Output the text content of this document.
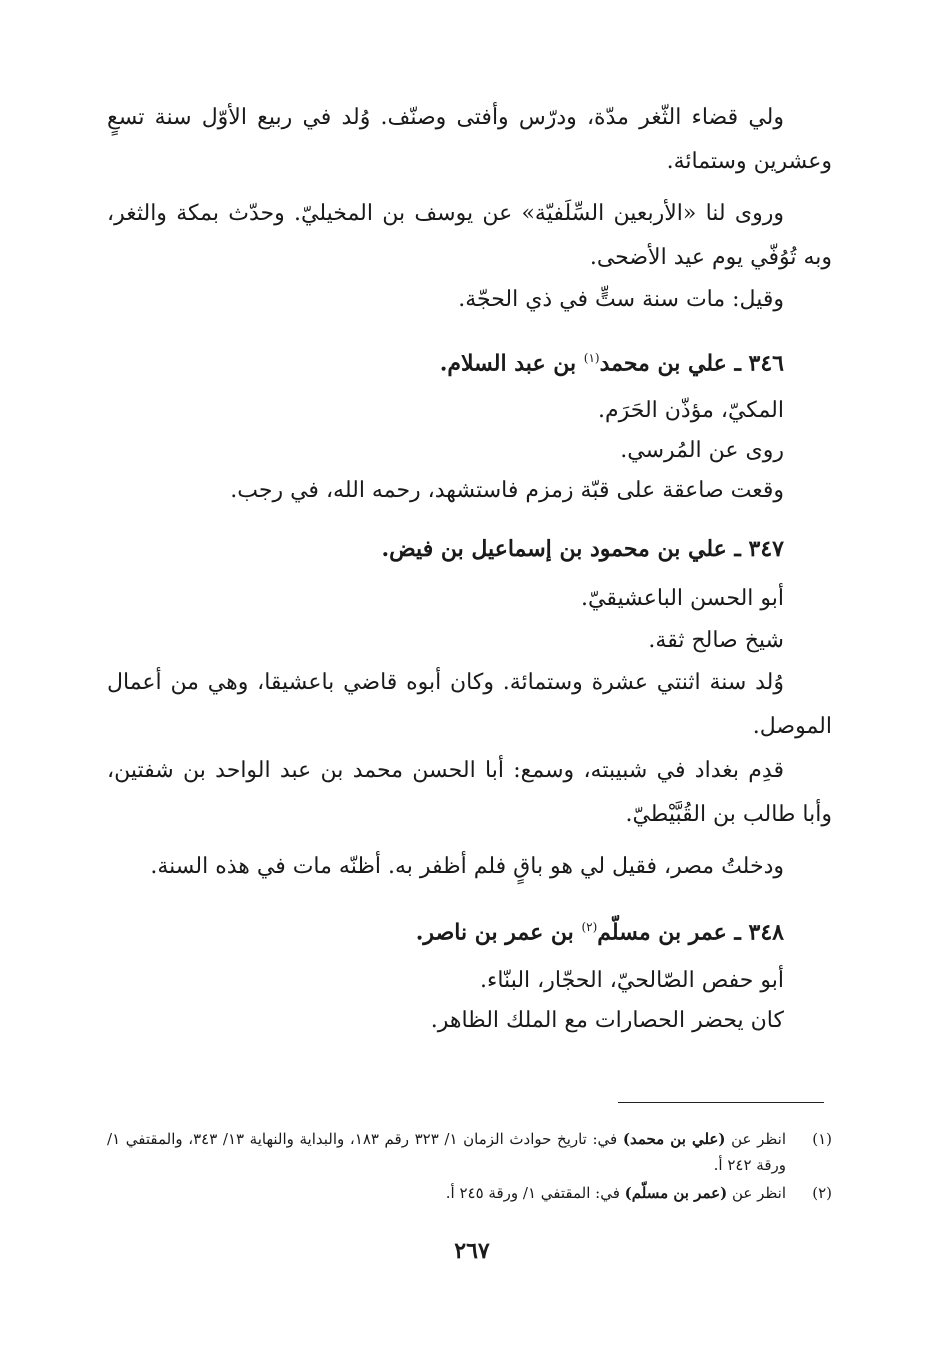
ولي قضاء الثّغر مدّة، ودرّس وأفتى وصنّف. وُلد في ربيع الأوّل سنة تسعٍ وعشرين وستمائة.

وروى لنا «الأربعين السِّلَفيّة» عن يوسف بن المخيليّ. وحدّث بمكة والثغر، وبه تُوُفّي يوم عيد الأضحى.

وقيل: مات سنة ستٍّ في ذي الحجّة.

٣٤٦ ـ علي بن محمد$^{(١)}$ بن عبد السلام.

المكيّ، مؤذّن الحَرَم.

روى عن المُرسي.

وقعت صاعقة على قبّة زمزم فاستشهد، رحمه الله، في رجب.

٣٤٧ ـ علي بن محمود بن إسماعيل بن فيض.

أبو الحسن الباعشيقيّ.

شيخ صالح ثقة.

وُلد سنة اثنتي عشرة وستمائة. وكان أبوه قاضي باعشيقا، وهي من أعمال الموصل.

قدِم بغداد في شبيبته، وسمع: أبا الحسن محمد بن عبد الواحد بن شفتين، وأبا طالب بن القُبَّيْطيّ.

ودخلتُ مصر، فقيل لي هو باقٍ فلم أظفر به. أظنّه مات في هذه السنة.

٣٤٨ ـ عمر بن مسلّم$^{(٢)}$ بن عمر بن ناصر.

أبو حفص الصّالحيّ، الحجّار، البنّاء.

كان يحضر الحصارات مع الملك الظاهر.

(١)
انظر عن (علي بن محمد) في: تاريخ حوادث الزمان ١/ ٣٢٣ رقم ١٨٣، والبداية والنهاية ١٣/ ٣٤٣، والمقتفي ١/ ورقة ٢٤٢ أ.
(٢)
انظر عن (عمر بن مسلّم) في: المقتفي ١/ ورقة ٢٤٥ أ.
٢٦٧
